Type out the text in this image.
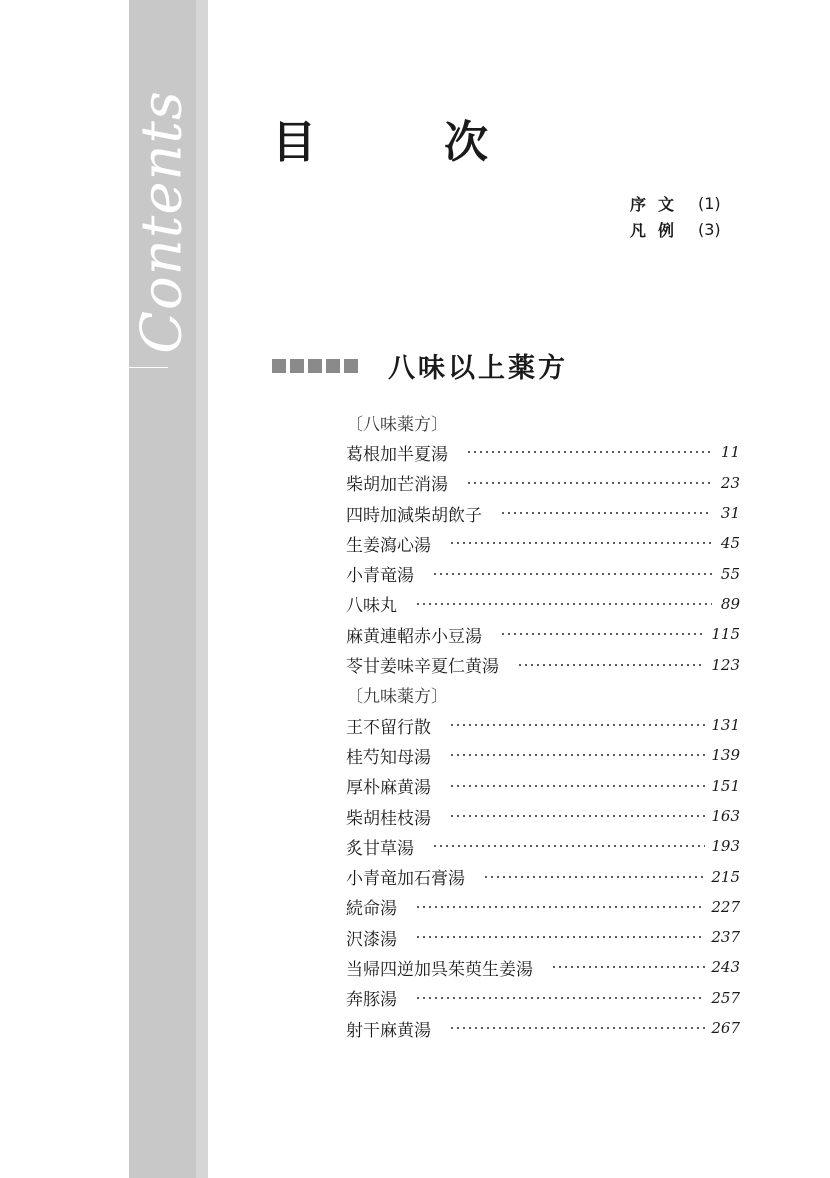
Contents 目　次
序文 (1)
凡例 (3)
八味以上薬方
〔八味薬方〕
葛根加半夏湯	11
柴胡加芒消湯	23
四時加減柴胡飲子	31
生姜瀉心湯	45
小青竜湯	55
八味丸	89
麻黄連軺赤小豆湯	115
苓甘姜味辛夏仁黄湯	123
〔九味薬方〕
王不留行散	131
桂芍知母湯	139
厚朴麻黄湯	151
柴胡桂枝湯	163
炙甘草湯	193
小青竜加石膏湯	215
続命湯	227
沢漆湯	237
当帰四逆加呉茱萸生姜湯	243
奔豚湯	257
射干麻黄湯	267
